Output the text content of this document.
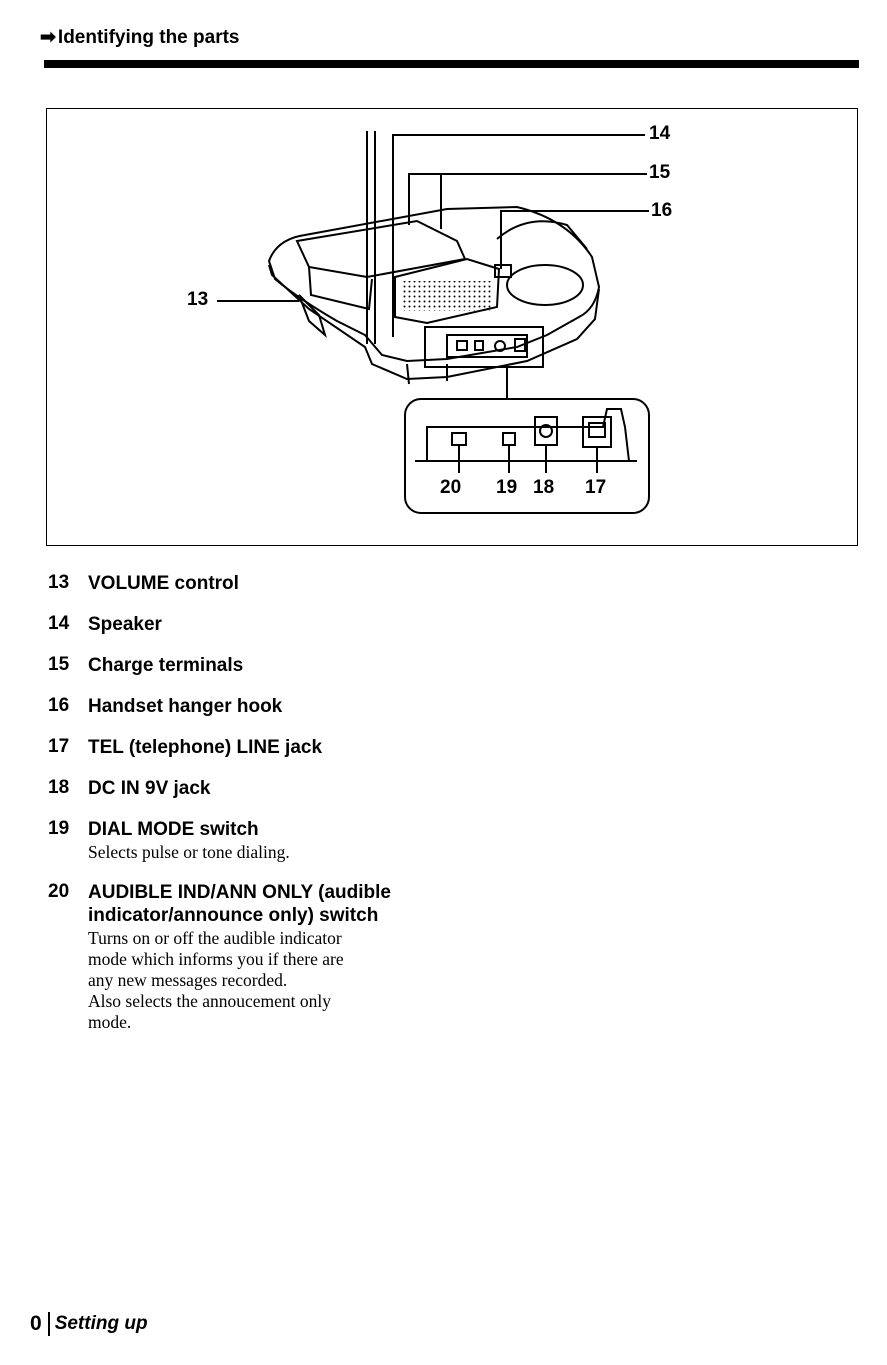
➡ Identifying the parts
13
14
15
16
20 19 18 17
13 VOLUME control
14 Speaker
15 Charge terminals
16 Handset hanger hook
17 TEL (telephone) LINE jack
18 DC IN 9V jack
19 DIAL MODE switch
Selects pulse or tone dialing.
20 AUDIBLE IND/ANN ONLY (audible indicator/announce only) switch
Turns on or off the audible indicator
mode which informs you if there are
any new messages recorded.
Also selects the annoucement only
mode.
0 Setting up
